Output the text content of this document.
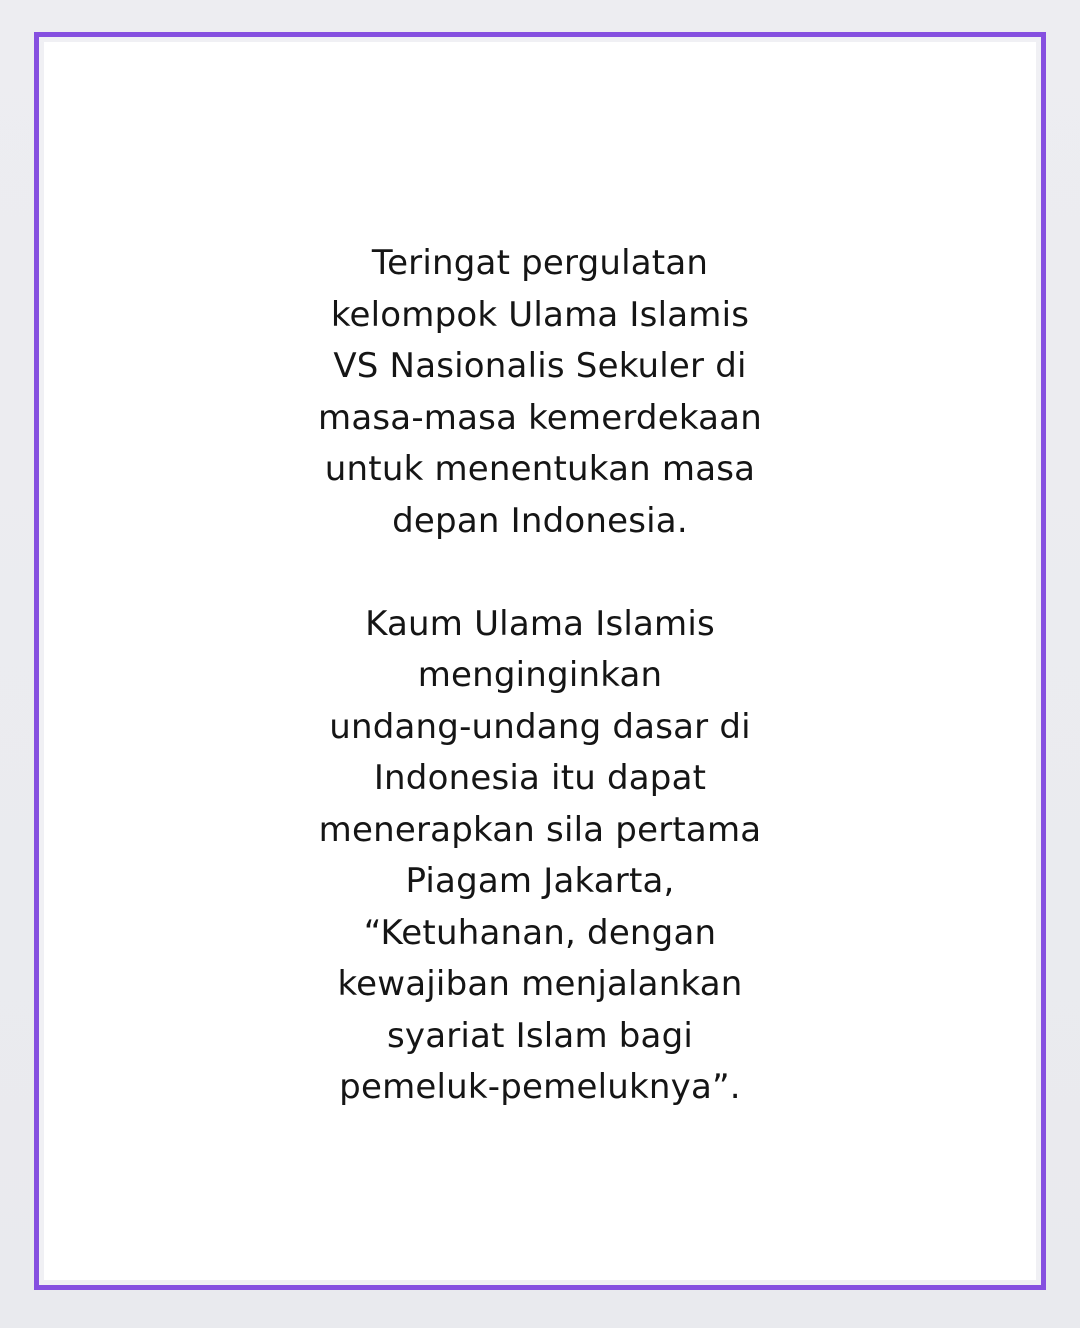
Teringat pergulatan
kelompok Ulama Islamis
VS Nasionalis Sekuler di
masa-masa kemerdekaan
untuk menentukan masa
depan Indonesia.
Kaum Ulama Islamis
menginginkan
undang-undang dasar di
Indonesia itu dapat
menerapkan sila pertama
Piagam Jakarta,
“Ketuhanan, dengan
kewajiban menjalankan
syariat Islam bagi
pemeluk-pemeluknya”.
